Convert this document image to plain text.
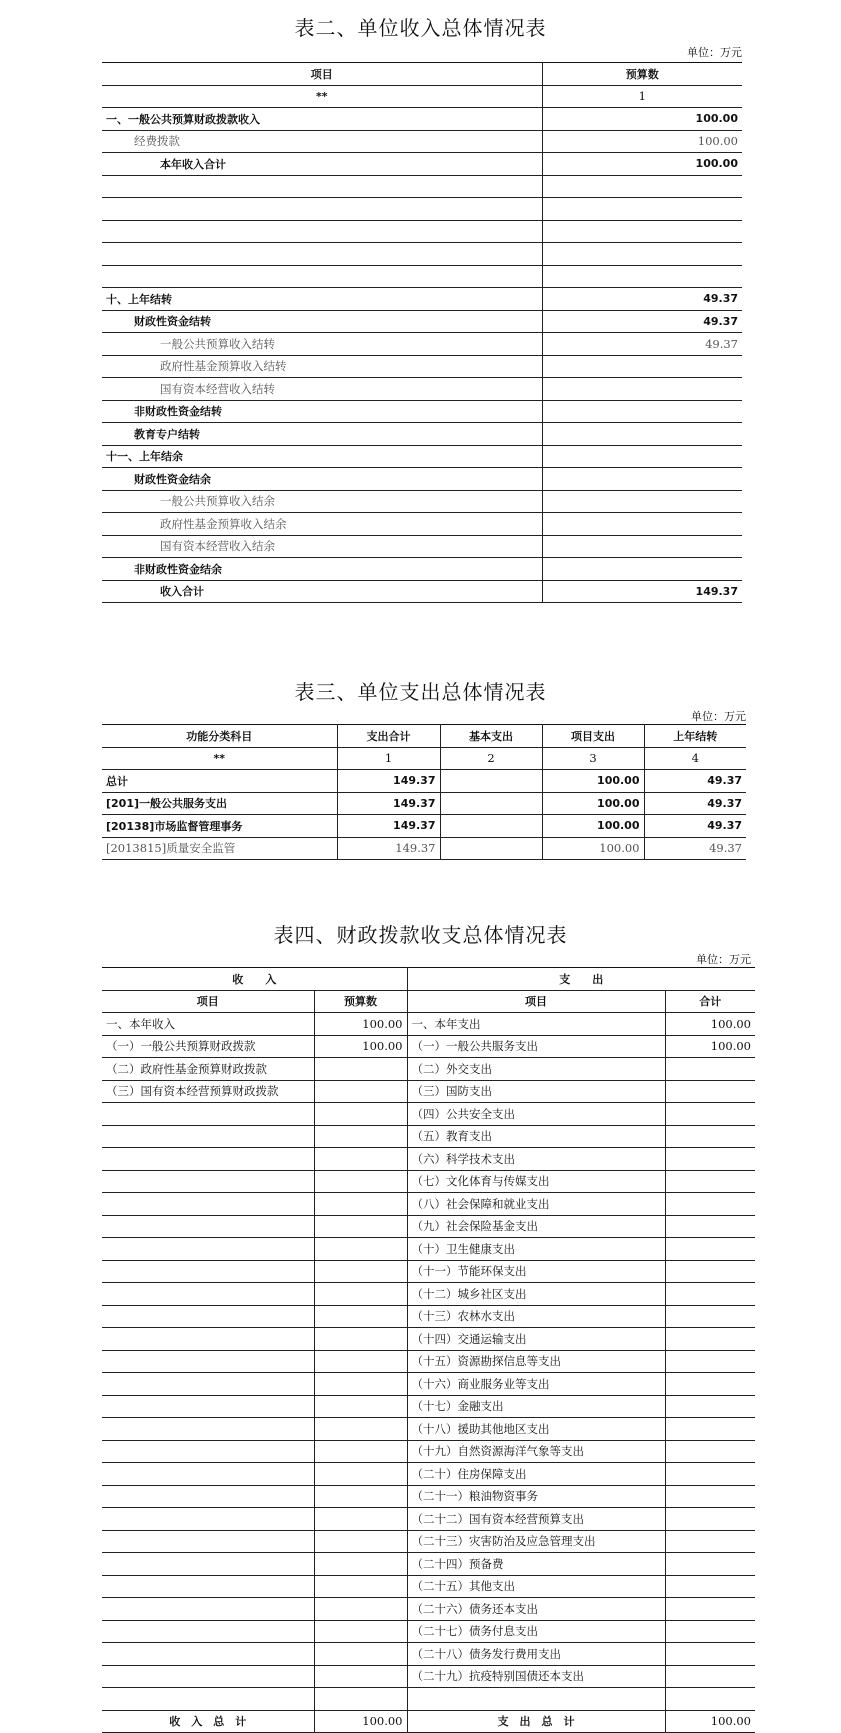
表二、单位收入总体情况表
单位：万元
项目	预算数
**	1
一、一般公共预算财政拨款收入	100.00
经费拨款	100.00
本年收入合计	100.00

十、上年结转	49.37
财政性资金结转	49.37
一般公共预算收入结转	49.37
政府性基金预算收入结转	
国有资本经营收入结转	
非财政性资金结转	
教育专户结转	
十一、上年结余	
财政性资金结余	
一般公共预算收入结余	
政府性基金预算收入结余	
国有资本经营收入结余	
非财政性资金结余	
收入合计	149.37
表三、单位支出总体情况表
单位：万元
功能分类科目	支出合计	基本支出	项目支出	上年结转
**	1	2	3	4
总计	149.37		100.00	49.37
[201]一般公共服务支出	149.37		100.00	49.37
[20138]市场监督管理事务	149.37		100.00	49.37
[2013815]质量安全监管	149.37		100.00	49.37
表四、财政拨款收支总体情况表
单位：万元
收　　入		支　　出	
项目	预算数	项目	合计
一、本年收入	100.00	一、本年支出	100.00
（一）一般公共预算财政拨款	100.00	（一）一般公共服务支出	100.00
（二）政府性基金预算财政拨款		（二）外交支出	
（三）国有资本经营预算财政拨款		（三）国防支出	
		（四）公共安全支出	
		（五）教育支出	
		（六）科学技术支出	
		（七）文化体育与传媒支出	
		（八）社会保障和就业支出	
		（九）社会保险基金支出	
		（十）卫生健康支出	
		（十一）节能环保支出	
		（十二）城乡社区支出	
		（十三）农林水支出	
		（十四）交通运输支出	
		（十五）资源勘探信息等支出	
		（十六）商业服务业等支出	
		（十七）金融支出	
		（十八）援助其他地区支出	
		（十九）自然资源海洋气象等支出	
		（二十）住房保障支出	
		（二十一）粮油物资事务	
		（二十二）国有资本经营预算支出	
		（二十三）灾害防治及应急管理支出	
		（二十四）预备费	
		（二十五）其他支出	
		（二十六）债务还本支出	
		（二十七）债务付息支出	
		（二十八）债务发行费用支出	
		（二十九）抗疫特别国债还本支出	

收　入　总　计	100.00	支　出　总　计	100.00
